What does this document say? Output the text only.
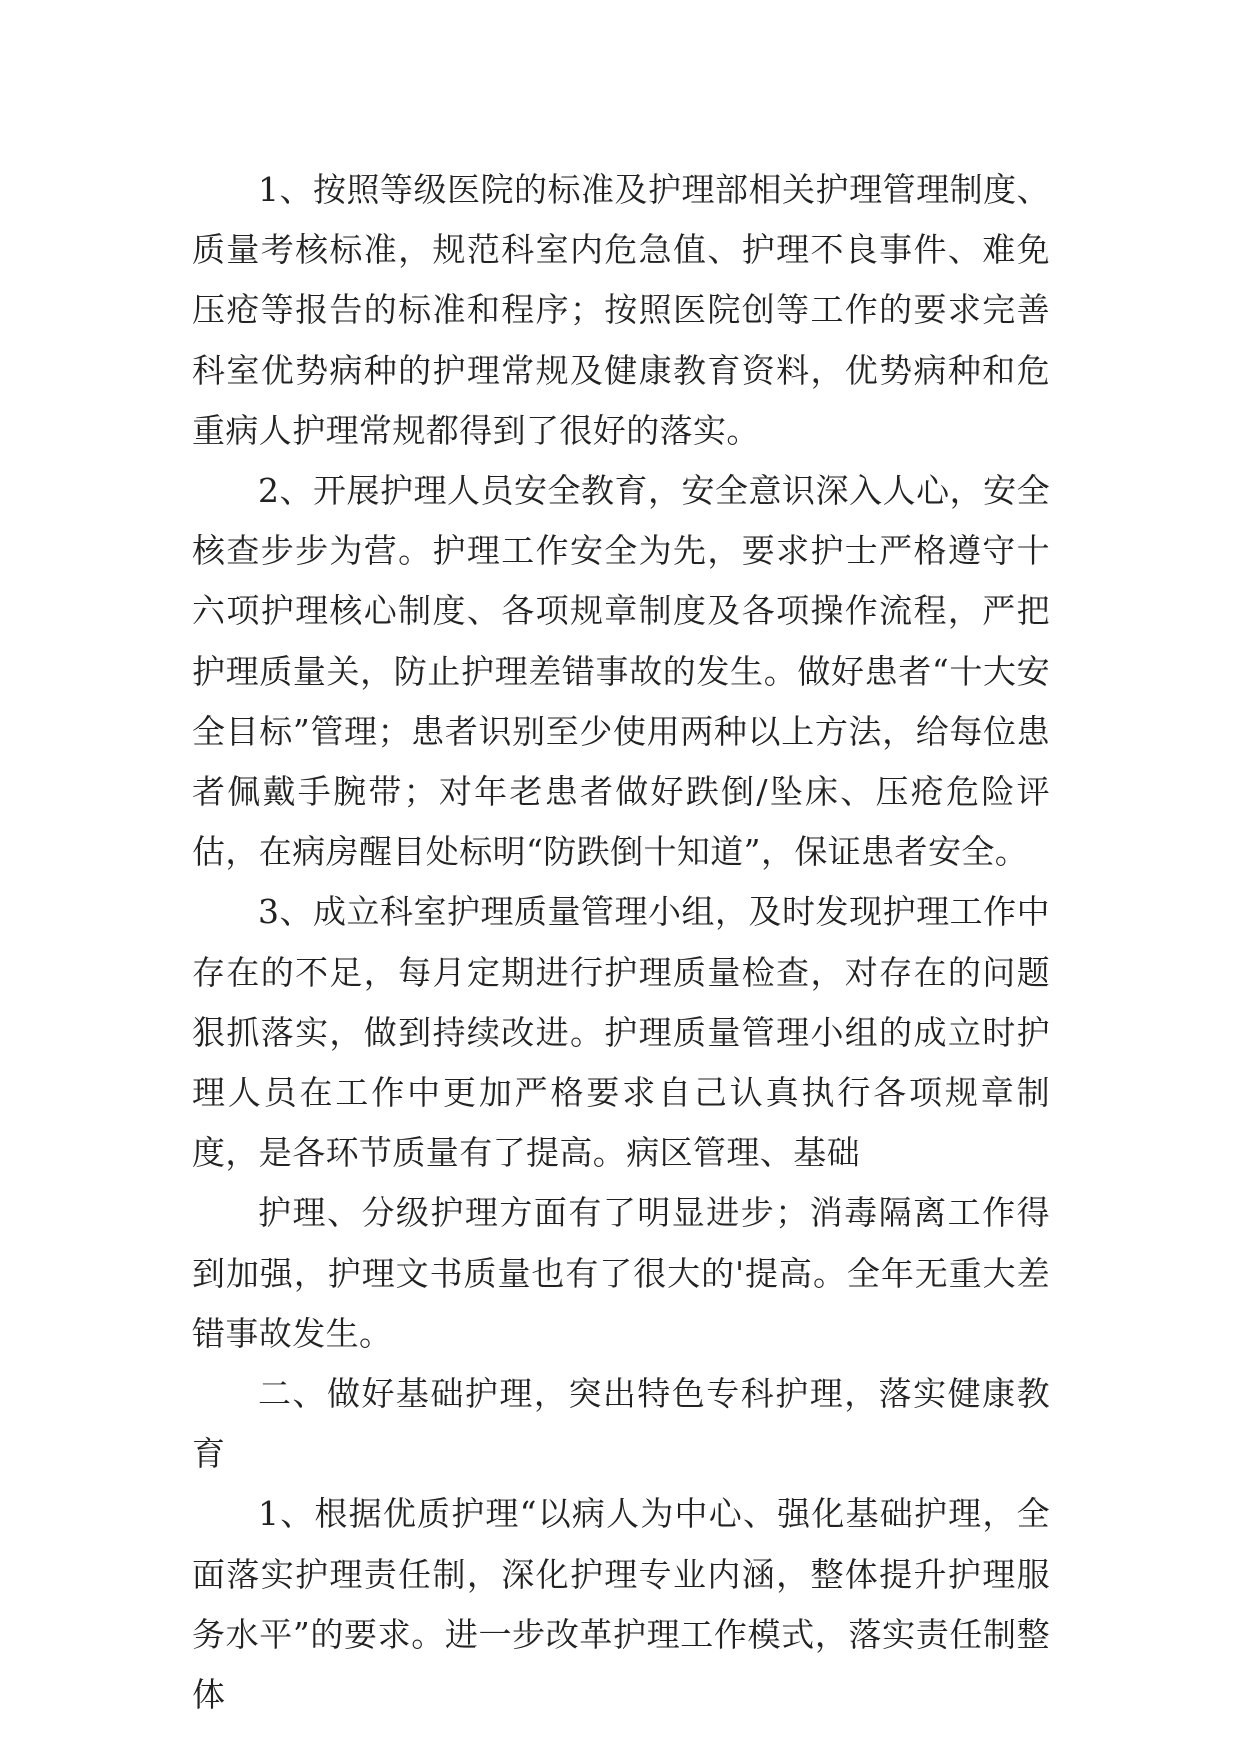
1、按照等级医院的标准及护理部相关护理管理制度、质量考核标准，规范科室内危急值、护理不良事件、难免压疮等报告的标准和程序；按照医院创等工作的要求完善科室优势病种的护理常规及健康教育资料，优势病种和危重病人护理常规都得到了很好的落实。

2、开展护理人员安全教育，安全意识深入人心，安全核查步步为营。护理工作安全为先，要求护士严格遵守十六项护理核心制度、各项规章制度及各项操作流程，严把护理质量关，防止护理差错事故的发生。做好患者“十大安全目标”管理；患者识别至少使用两种以上方法，给每位患者佩戴手腕带；对年老患者做好跌倒/坠床、压疮危险评估，在病房醒目处标明“防跌倒十知道”，保证患者安全。

3、成立科室护理质量管理小组，及时发现护理工作中存在的不足，每月定期进行护理质量检查，对存在的问题狠抓落实，做到持续改进。护理质量管理小组的成立时护理人员在工作中更加严格要求自己认真执行各项规章制度，是各环节质量有了提高。病区管理、基础

护理、分级护理方面有了明显进步；消毒隔离工作得到加强，护理文书质量也有了很大的'提高。全年无重大差错事故发生。

二、做好基础护理，突出特色专科护理，落实健康教育

1、根据优质护理“以病人为中心、强化基础护理，全面落实护理责任制，深化护理专业内涵，整体提升护理服务水平”的要求。进一步改革护理工作模式，落实责任制整体
